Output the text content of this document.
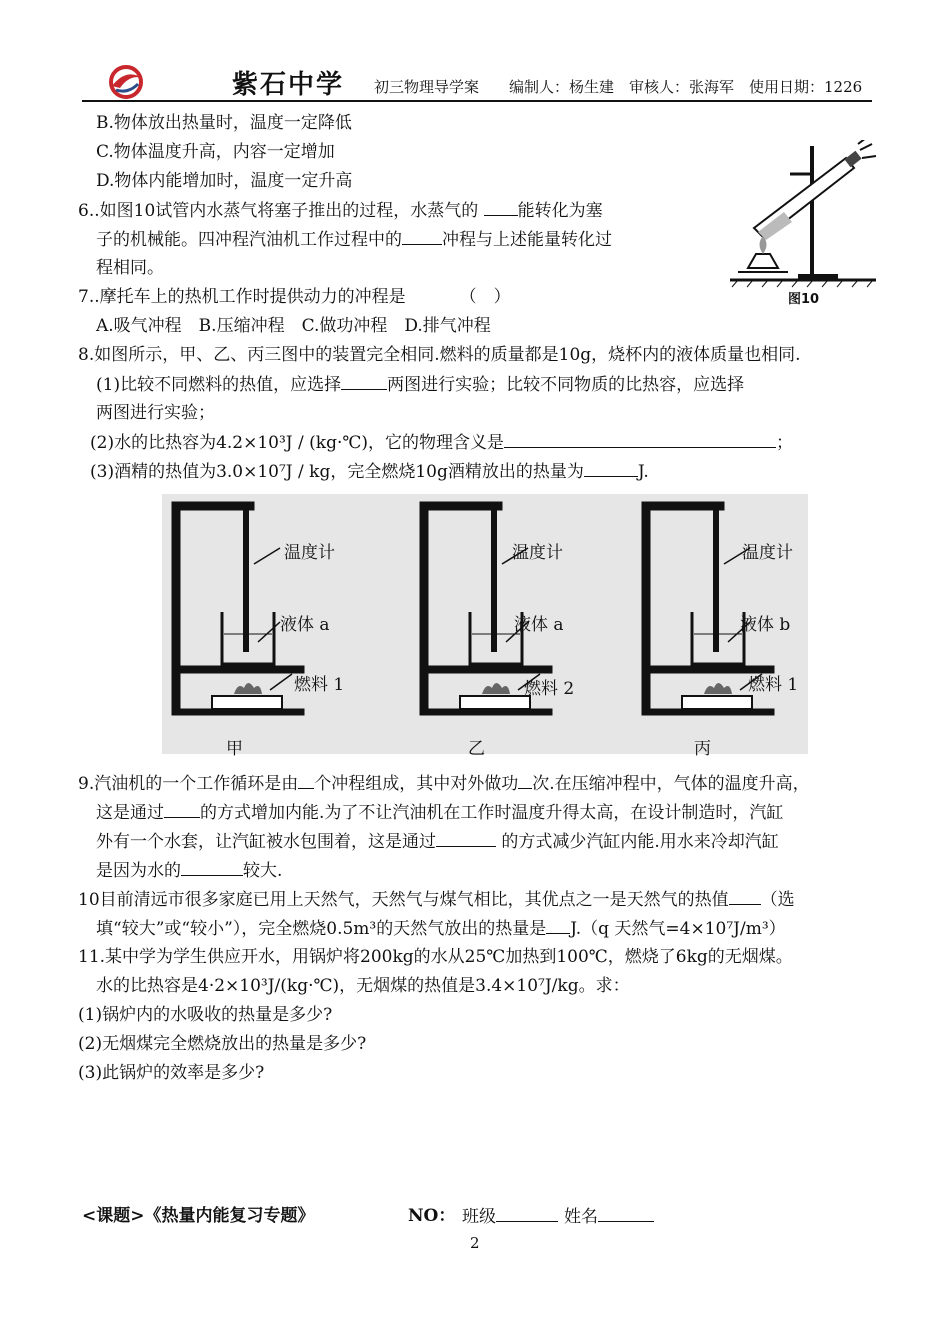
紫石中学 初三物理导学案　　编制人：杨生建　审核人：张海军　使用日期：1226
B.物体放出热量时，温度一定降低
C.物体温度升高，内容一定增加
D.物体内能增加时，温度一定升高
6..如图10试管内水蒸气将塞子推出的过程，水蒸气的 能转化为塞
子的机械能。四冲程汽油机工作过程中的 冲程与上述能量转化过
程相同。
图10
7..摩托车上的热机工作时提供动力的冲程是	（　）
A.吸气冲程　B.压缩冲程　C.做功冲程　D.排气冲程
8.如图所示，甲、乙、丙三图中的装置完全相同.燃料的质量都是10g，烧杯内的液体质量也相同.
(1)比较不同燃料的热值，应选择	两图进行实验；比较不同物质的比热容，应选择
两图进行实验；
(2)水的比热容为4.2×10³J / (kg·℃)，它的物理含义是	；
(3)酒精的热值为3.0×10⁷J / kg，完全燃烧10g酒精放出的热量为	J.
温度计
液体 a
燃料 1
甲
温度计
液体 a
燃料 2
乙
温度计
液体 b
燃料 1
丙
9.汽油机的一个工作循环是由 个冲程组成，其中对外做功 次.在压缩冲程中，气体的温度升高，
这是通过 的方式增加内能.为了不让汽油机在工作时温度升得太高，在设计制造时，汽缸
外有一个水套，让汽缸被水包围着，这是通过	的方式减少汽缸内能.用水来冷却汽缸
是因为水的	较大.
10目前清远市很多家庭已用上天然气，天然气与煤气相比，其优点之一是天然气的热值 （选
填“较大”或“较小”），完全燃烧0.5m³的天然气放出的热量是 J.（q 天然气=4×10⁷J/m³）
11.某中学为学生供应开水，用锅炉将200kg的水从25℃加热到100℃，燃烧了6kg的无烟煤。
水的比热容是4·2×10³J/(kg·℃)，无烟煤的热值是3.4×10⁷J/kg。求：
(1)锅炉内的水吸收的热量是多少?
(2)无烟煤完全燃烧放出的热量是多少?
(3)此锅炉的效率是多少?
<课题>《热量内能复习专题》	NO： 班级	姓名
2
